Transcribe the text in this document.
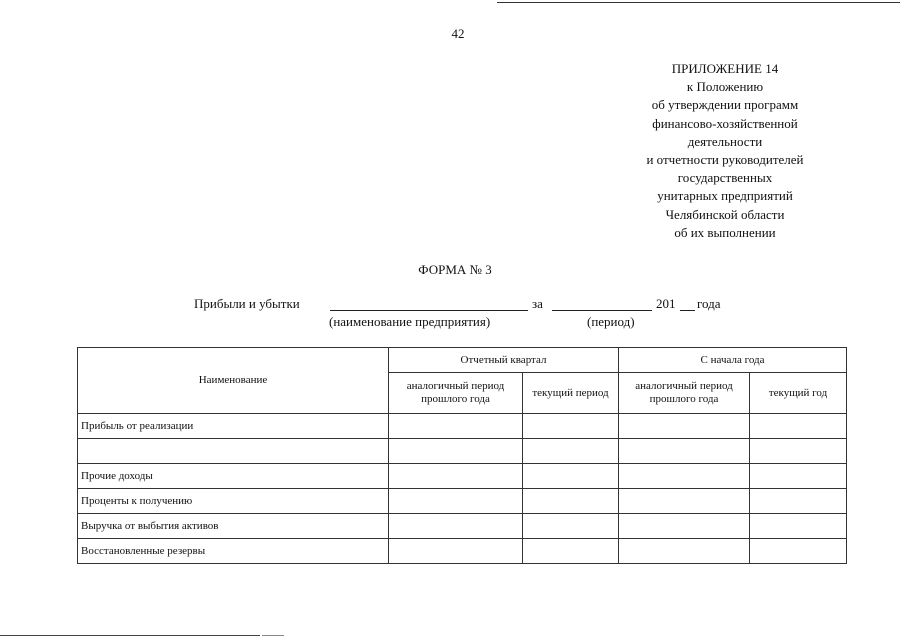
42
ПРИЛОЖЕНИЕ 14
к Положению
об утверждении программ
финансово-хозяйственной
деятельности
и отчетности руководителей
государственных
унитарных предприятий
Челябинской области
об их выполнении
ФОРМА № 3
Прибыли и убытки	за	201 года
(наименование предприятия)	(период)
Наименование	Отчетный квартал		С начала года	
	аналогичный период прошлого года	текущий период	аналогичный период прошлого года	текущий год
Прибыль от реализации				

Прочие доходы				
Проценты к получению				
Выручка от выбытия активов				
Восстановленные резервы				
